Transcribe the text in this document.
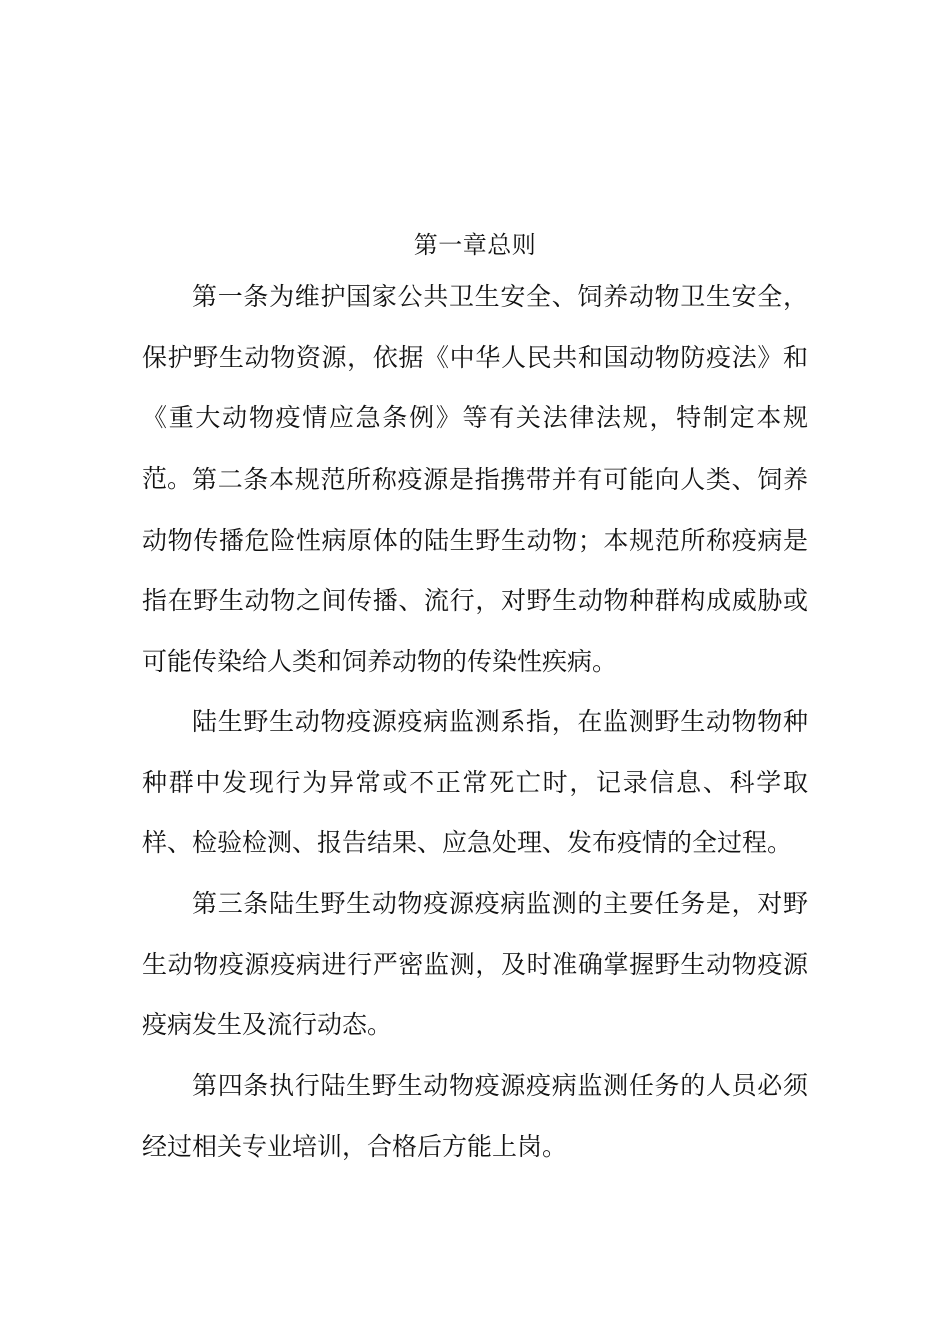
第一章总则

第一条为维护国家公共卫生安全、饲养动物卫生安全，保护野生动物资源，依据《中华人民共和国动物防疫法》和《重大动物疫情应急条例》等有关法律法规，特制定本规范。 第二条本规范所称疫源是指携带并有可能向人类、饲养动物传播危险性病原体的陆生野生动物；本规范所称疫病是指在野生动物之间传播、流行，对野生动物种群构成威胁或可能传染给人类和饲养动物的传染性疾病。

陆生野生动物疫源疫病监测系指，在监测野生动物物种种群中发现行为异常或不正常死亡时，记录信息、科学取样、检验检测、报告结果、应急处理、发布疫情的全过程。

第三条陆生野生动物疫源疫病监测的主要任务是，对野生动物疫源疫病进行严密监测，及时准确掌握野生动物疫源疫病发生及流行动态。

第四条执行陆生野生动物疫源疫病监测任务的人员必须经过相关专业培训，合格后方能上岗。
